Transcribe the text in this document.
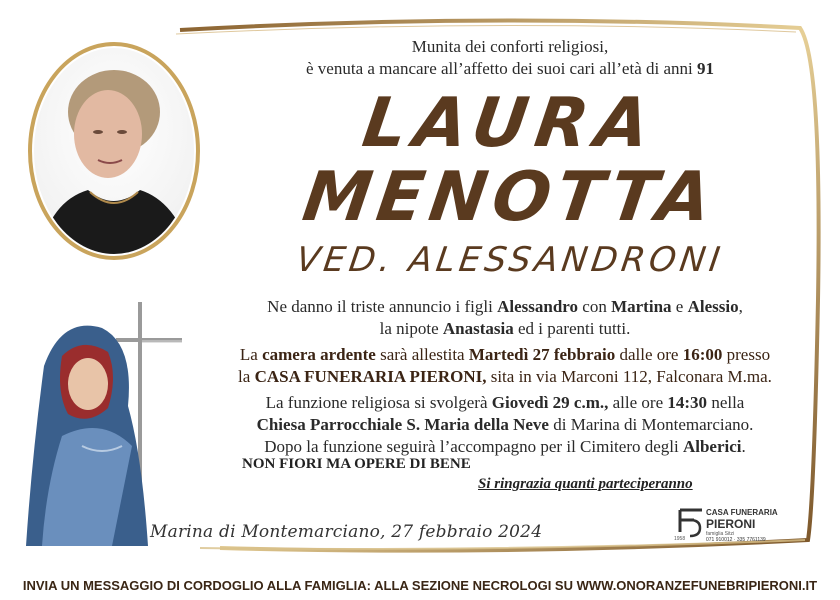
Munita dei conforti religiosi,
è venuta a mancare all’affetto dei suoi cari all’età di anni 91
LAURA
MENOTTA
VED. ALESSANDRONI
Ne danno il triste annuncio i figli Alessandro con Martina e Alessio,
la nipote Anastasia ed i parenti tutti.
La camera ardente sarà allestita Martedì 27 febbraio dalle ore 16:00 presso
la CASA FUNERARIA PIERONI, sita in via Marconi 112, Falconara M.ma.
La funzione religiosa si svolgerà Giovedì 29 c.m., alle ore 14:30 nella
Chiesa Parrocchiale S. Maria della Neve di Marina di Montemarciano.
Dopo la funzione seguirà l’accompagno per il Cimitero degli Alberici.
NON FIORI MA OPERE DI BENE
Si ringrazia quanti parteciperanno
Marina di Montemarciano, 27 febbraio 2024
CASA FUNERARIA
PIERONI
famiglia Sitzi
071 910012 · 335 7761139
1958
INVIA UN MESSAGGIO DI CORDOGLIO ALLA FAMIGLIA: ALLA SEZIONE NECROLOGI SU WWW.ONORANZEFUNEBRIPIERONI.IT
